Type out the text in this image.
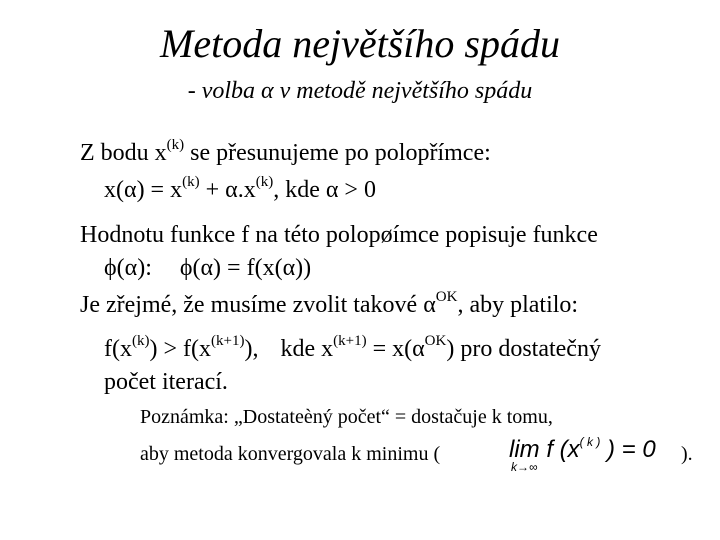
Metoda největšího spádu
- volba α v metodě největšího spádu
Z bodu $x^{(k)}$ se přesunujeme po polopřímce:
$x(\alpha) = x^{(k)} + \alpha.x^{(k)}$, kde α > 0
Hodnotu funkce f na této polopøímce popisuje funkce
ϕ(α): ϕ(α) = f(x(α))
Je zřejmé, že musíme zvolit takové $\alpha^{OK}$, aby platilo:
$f(x^{(k)}) > f(x^{(k+1)})$, kde $x^{(k+1)} = x(\alpha^{OK})$ pro dostatečný
počet iterací.
Poznámka: „Dostateèný počet“ = dostačuje k tomu,
aby metoda konvergovala k minimu (	lim f ($x^{( k )}$ ) = 0
k→∞
).
